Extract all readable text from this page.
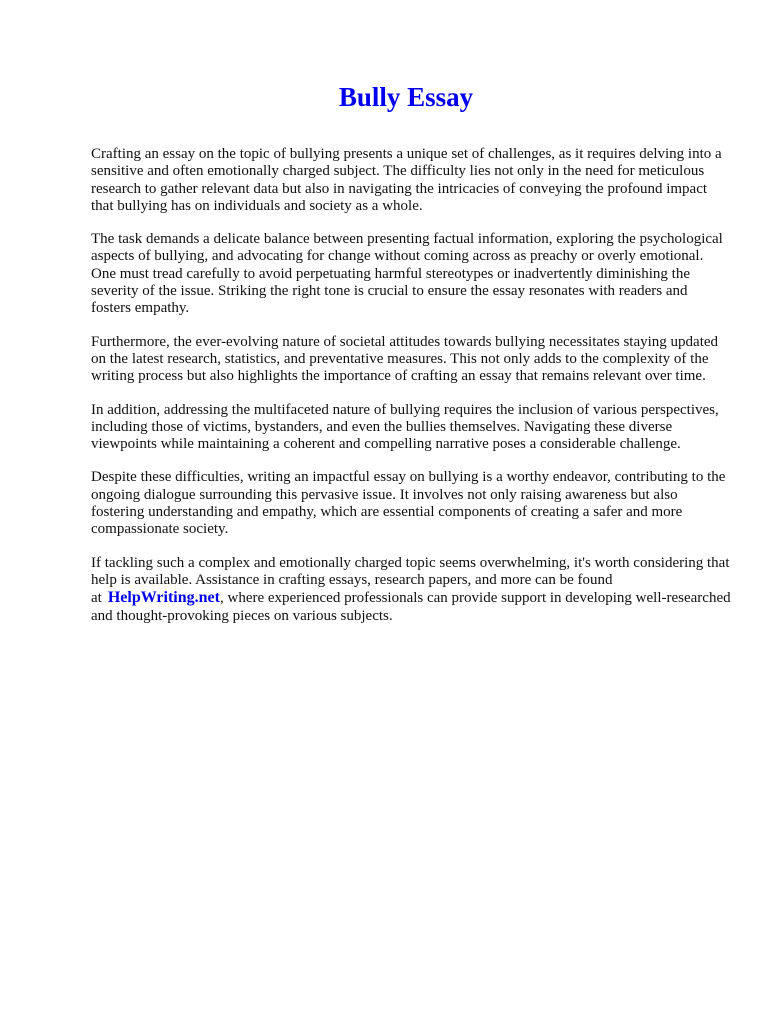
Bully Essay

Crafting an essay on the topic of bullying presents a unique set of challenges, as it requires delving into a sensitive and often emotionally charged subject. The difficulty lies not only in the need for meticulous research to gather relevant data but also in navigating the intricacies of conveying the profound impact that bullying has on individuals and society as a whole.

The task demands a delicate balance between presenting factual information, exploring the psychological aspects of bullying, and advocating for change without coming across as preachy or overly emotional. One must tread carefully to avoid perpetuating harmful stereotypes or inadvertently diminishing the severity of the issue. Striking the right tone is crucial to ensure the essay resonates with readers and fosters empathy.

Furthermore, the ever-evolving nature of societal attitudes towards bullying necessitates staying updated on the latest research, statistics, and preventative measures. This not only adds to the complexity of the writing process but also highlights the importance of crafting an essay that remains relevant over time.

In addition, addressing the multifaceted nature of bullying requires the inclusion of various perspectives, including those of victims, bystanders, and even the bullies themselves. Navigating these diverse viewpoints while maintaining a coherent and compelling narrative poses a considerable challenge.

Despite these difficulties, writing an impactful essay on bullying is a worthy endeavor, contributing to the ongoing dialogue surrounding this pervasive issue. It involves not only raising awareness but also fostering understanding and empathy, which are essential components of creating a safer and more compassionate society.

If tackling such a complex and emotionally charged topic seems overwhelming, it's worth considering that help is available. Assistance in crafting essays, research papers, and more can be found at HelpWriting.net, where experienced professionals can provide support in developing well-researched and thought-provoking pieces on various subjects.
